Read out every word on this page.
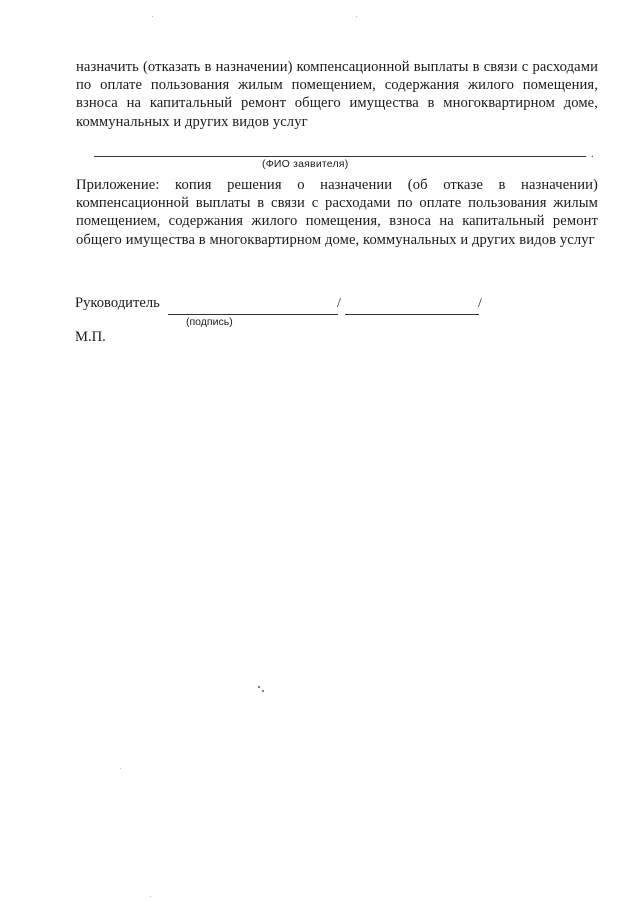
назначить (отказать в назначении) компенсационной выплаты в связи с расходами по оплате пользования жилым помещением, содержания жилого помещения, взноса на капитальный ремонт общего имущества в многоквартирном доме, коммунальных и других видов услуг
.
(ФИО заявителя)
Приложение: копия решения о назначении (об отказе в назначении) компенсационной выплаты в связи с расходами по оплате пользования жилым помещением, содержания жилого помещения, взноса на капитальный ремонт общего имущества в многоквартирном доме, коммунальных и других видов услуг
Руководитель	/	/
(подпись)
М.П.
